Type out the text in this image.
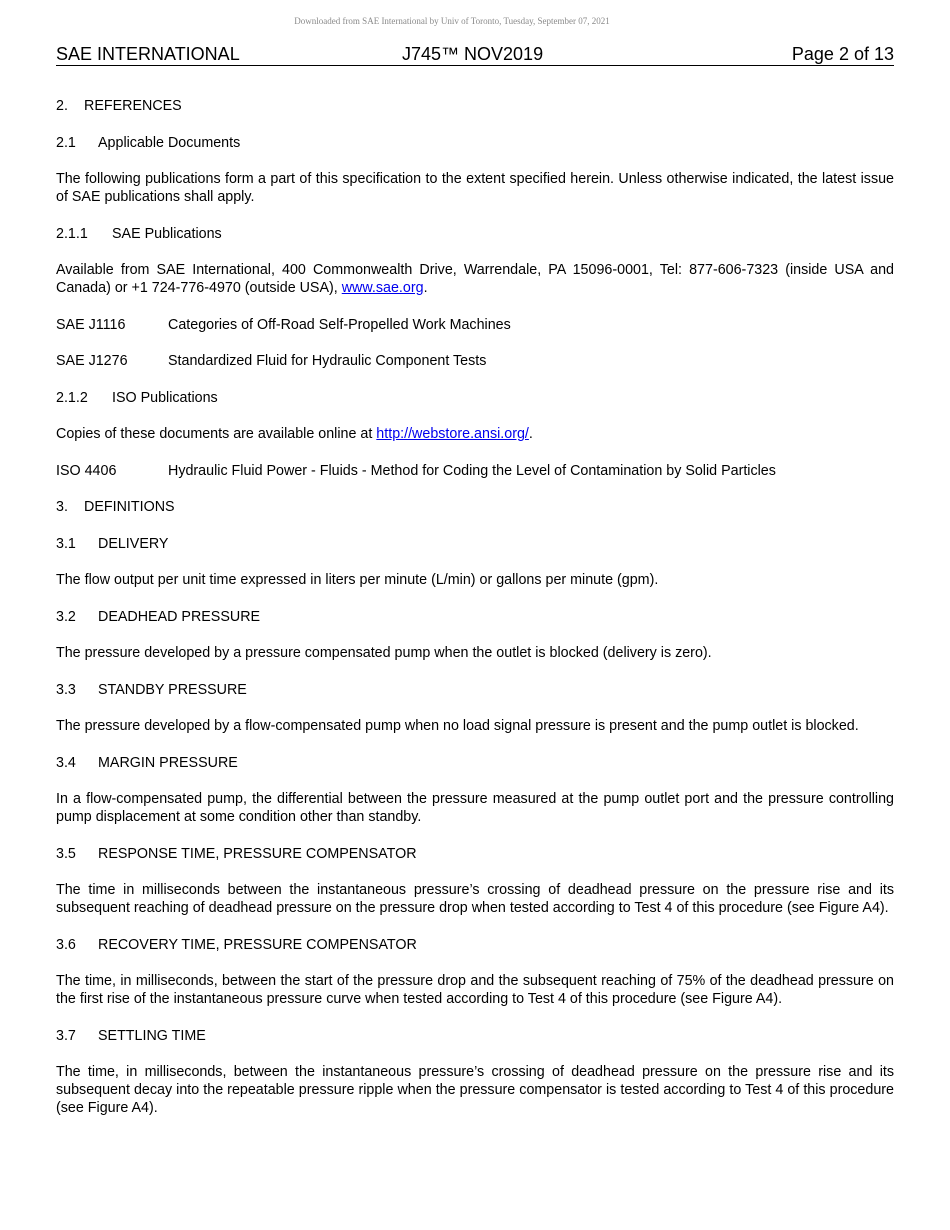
Downloaded from SAE International by Univ of Toronto, Tuesday, September 07, 2021
SAE INTERNATIONAL	J745™ NOV2019	Page 2 of 13
2. REFERENCES
2.1 Applicable Documents
The following publications form a part of this specification to the extent specified herein. Unless otherwise indicated, the latest issue of SAE publications shall apply.
2.1.1 SAE Publications
Available from SAE International, 400 Commonwealth Drive, Warrendale, PA 15096-0001, Tel: 877-606-7323 (inside USA and Canada) or +1 724-776-4970 (outside USA), www.sae.org.
SAE J1116	Categories of Off-Road Self-Propelled Work Machines
SAE J1276	Standardized Fluid for Hydraulic Component Tests
2.1.2 ISO Publications
Copies of these documents are available online at http://webstore.ansi.org/.
ISO 4406	Hydraulic Fluid Power - Fluids - Method for Coding the Level of Contamination by Solid Particles
3. DEFINITIONS
3.1 DELIVERY
The flow output per unit time expressed in liters per minute (L/min) or gallons per minute (gpm).
3.2 DEADHEAD PRESSURE
The pressure developed by a pressure compensated pump when the outlet is blocked (delivery is zero).
3.3 STANDBY PRESSURE
The pressure developed by a flow-compensated pump when no load signal pressure is present and the pump outlet is blocked.
3.4 MARGIN PRESSURE
In a flow-compensated pump, the differential between the pressure measured at the pump outlet port and the pressure controlling pump displacement at some condition other than standby.
3.5 RESPONSE TIME, PRESSURE COMPENSATOR
The time in milliseconds between the instantaneous pressure’s crossing of deadhead pressure on the pressure rise and its subsequent reaching of deadhead pressure on the pressure drop when tested according to Test 4 of this procedure (see Figure A4).
3.6 RECOVERY TIME, PRESSURE COMPENSATOR
The time, in milliseconds, between the start of the pressure drop and the subsequent reaching of 75% of the deadhead pressure on the first rise of the instantaneous pressure curve when tested according to Test 4 of this procedure (see Figure A4).
3.7 SETTLING TIME
The time, in milliseconds, between the instantaneous pressure’s crossing of deadhead pressure on the pressure rise and its subsequent decay into the repeatable pressure ripple when the pressure compensator is tested according to Test 4 of this procedure (see Figure A4).
